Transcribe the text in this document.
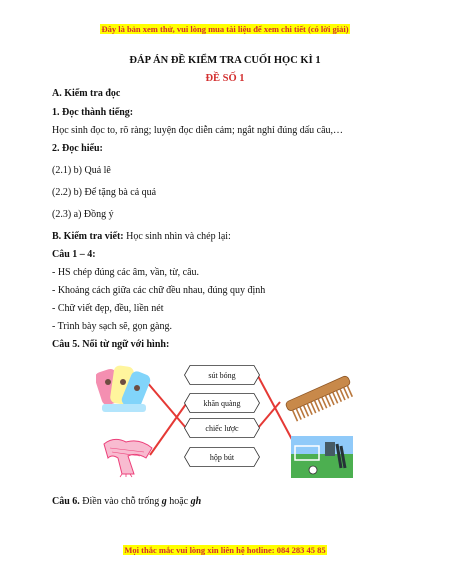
Đây là bản xem thử, vui lòng mua tài liệu để xem chi tiết (có lời giải)
ĐÁP ÁN ĐỀ KIỂM TRA CUỐI HỌC KÌ 1
ĐỀ SỐ 1
A. Kiểm tra đọc
1. Đọc thành tiếng:
Học sinh đọc to, rõ ràng; luyện đọc diễn cảm; ngắt nghỉ đúng dấu câu,…
2. Đọc hiểu:
(2.1) b) Quả lê
(2.2) b) Để tặng bà cả quả
(2.3) a) Đồng ý
B. Kiểm tra viết: Học sinh nhìn và chép lại:
Câu 1 – 4:
- HS chép đúng các âm, vần, từ, câu.
- Khoảng cách giữa các chữ đều nhau, đúng quy định
- Chữ viết đẹp, đều, liền nét
- Trình bày sạch sẽ, gọn gàng.
Câu 5. Nối từ ngữ với hình:
sút bóng
khăn quàng
chiếc lược
hộp bút
Câu 6. Điền vào chỗ trống g hoặc gh
Mọi thắc mắc vui lòng xin liên hệ hotline: 084 283 45 85
